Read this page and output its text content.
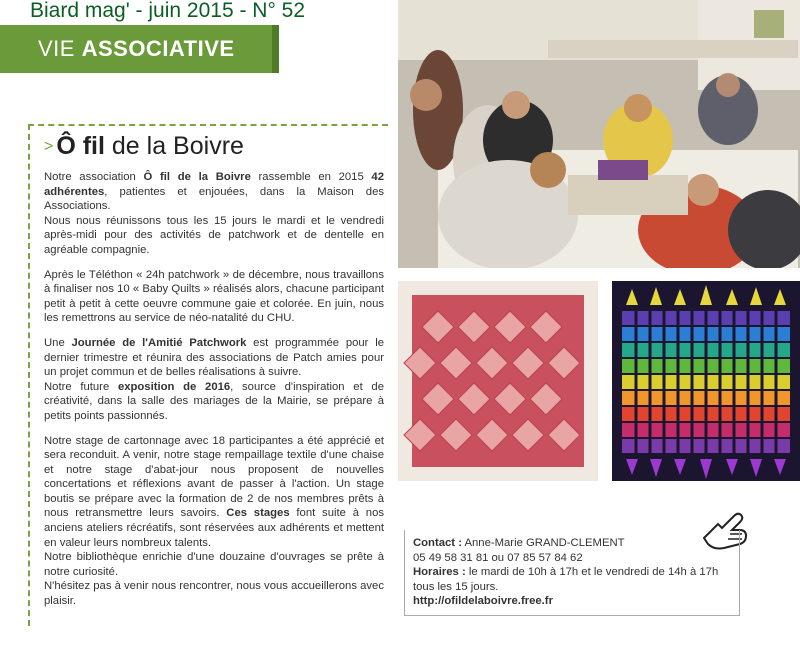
Biard mag' - juin 2015 - N° 52
VIE ASSOCIATIVE
> Ô fil de la Boivre

Notre association Ô fil de la Boivre rassemble en 2015 42 adhérentes, patientes et enjouées, dans la Maison des Associations.

Nous nous réunissons tous les 15 jours le mardi et le vendredi après-midi pour des activités de patchwork et de dentelle en agréable compagnie.

Après le Téléthon « 24h patchwork » de décembre, nous travaillons à finaliser nos 10 « Baby Quilts » réalisés alors, chacune participant petit à petit à cette oeuvre commune gaie et colorée. En juin, nous les remettrons au service de néo-natalité du CHU.

Une Journée de l'Amitié Patchwork est programmée pour le dernier trimestre et réunira des associations de Patch amies pour un projet commun et de belles réalisations à suivre.

Notre future exposition de 2016, source d'inspiration et de créativité, dans la salle des mariages de la Mairie, se prépare à petits points passionnés.

Notre stage de cartonnage avec 18 participantes a été apprécié et sera reconduit. A venir, notre stage rempaillage textile d'une chaise et notre stage d'abat-jour nous proposent de nouvelles concertations et réflexions avant de passer à l'action. Un stage boutis se prépare avec la formation de 2 de nos membres prêts à nous retransmettre leurs savoirs. Ces stages font suite à nos anciens ateliers récréatifs, sont réservées aux adhérents et mettent en valeur leurs nombreux talents.

Notre bibliothèque enrichie d'une douzaine d'ouvrages se prête à notre curiosité.

N'hésitez pas à venir nous rencontrer, nous vous accueillerons avec plaisir.

Contact : Anne-Marie GRAND-CLEMENT
05 49 58 31 81 ou 07 85 57 84 62
Horaires : le mardi de 10h à 17h et le vendredi de 14h à 17h tous les 15 jours.
http://ofildelaboivre.free.fr
